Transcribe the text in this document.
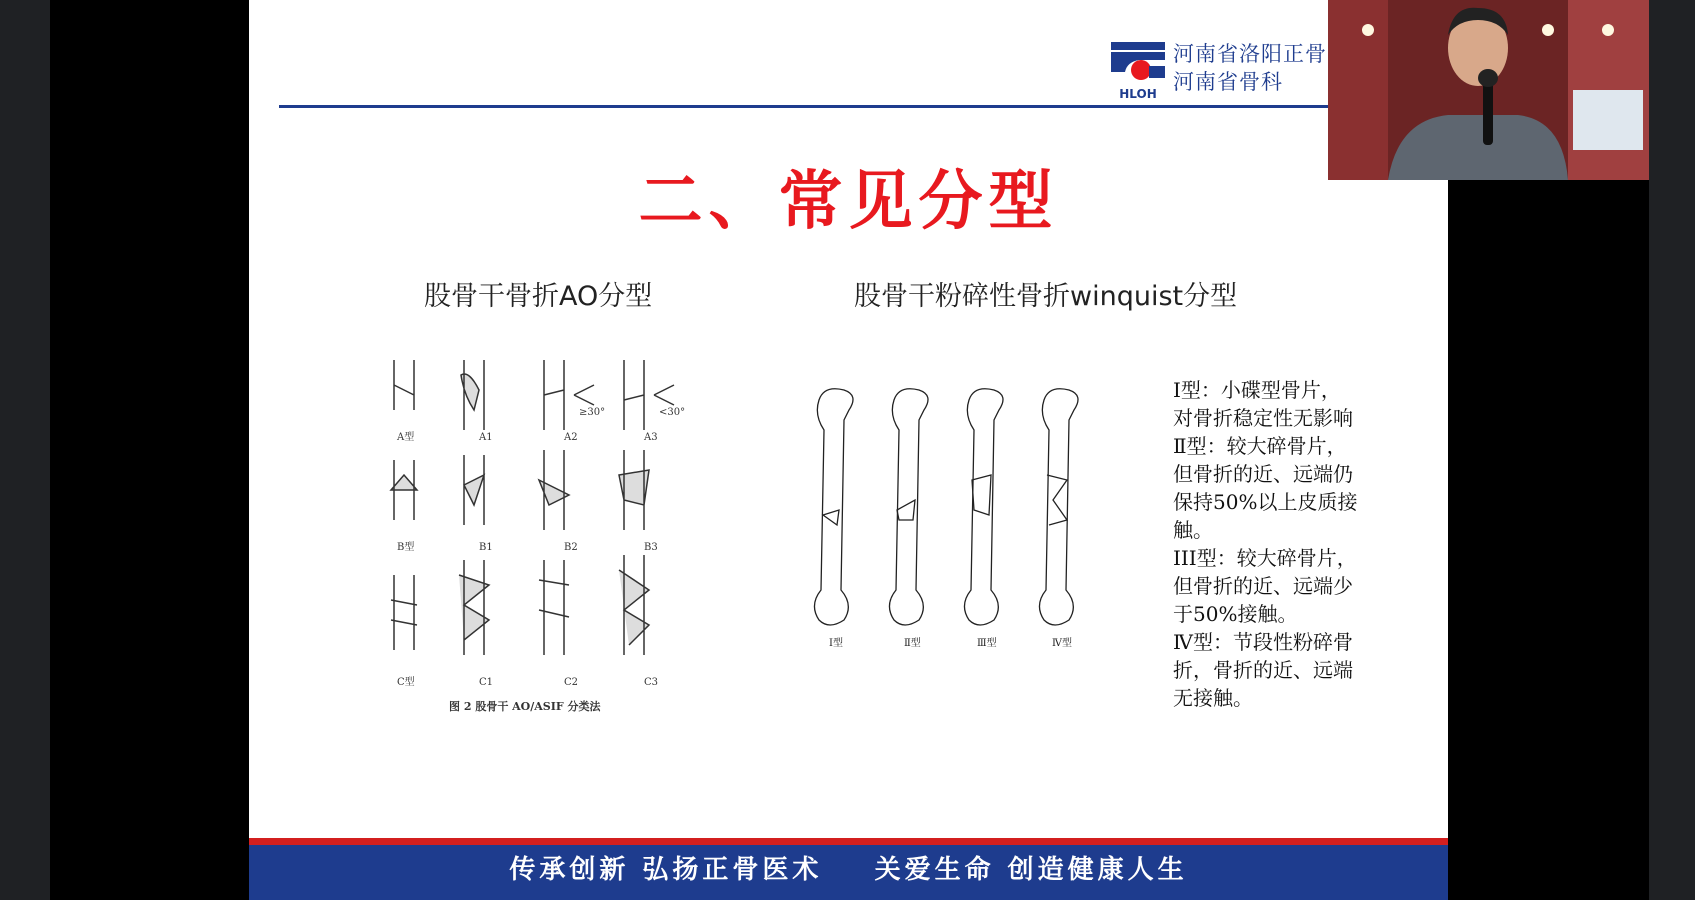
HLOH
河南省洛阳正骨
河南省骨科
二、常见分型
股骨干骨折AO分型	股骨干粉碎性骨折winquist分型
A型	A1	A2	A3
≥30°	<30°
B型	B1	B2	B3
C型	C1	C2	C3
图 2 股骨干 AO/ASIF 分类法
Ⅰ型	Ⅱ型	Ⅲ型	Ⅳ型

Ⅰ型：小碟型骨片，

对骨折稳定性无影响

Ⅱ型：较大碎骨片，

但骨折的近、远端仍

保持50%以上皮质接

触。

III型：较大碎骨片，

但骨折的近、远端少

于50%接触。

Ⅳ型：节段性粉碎骨

折，骨折的近、远端

无接触。

传承创新 弘扬正骨医术    关爱生命 创造健康人生
